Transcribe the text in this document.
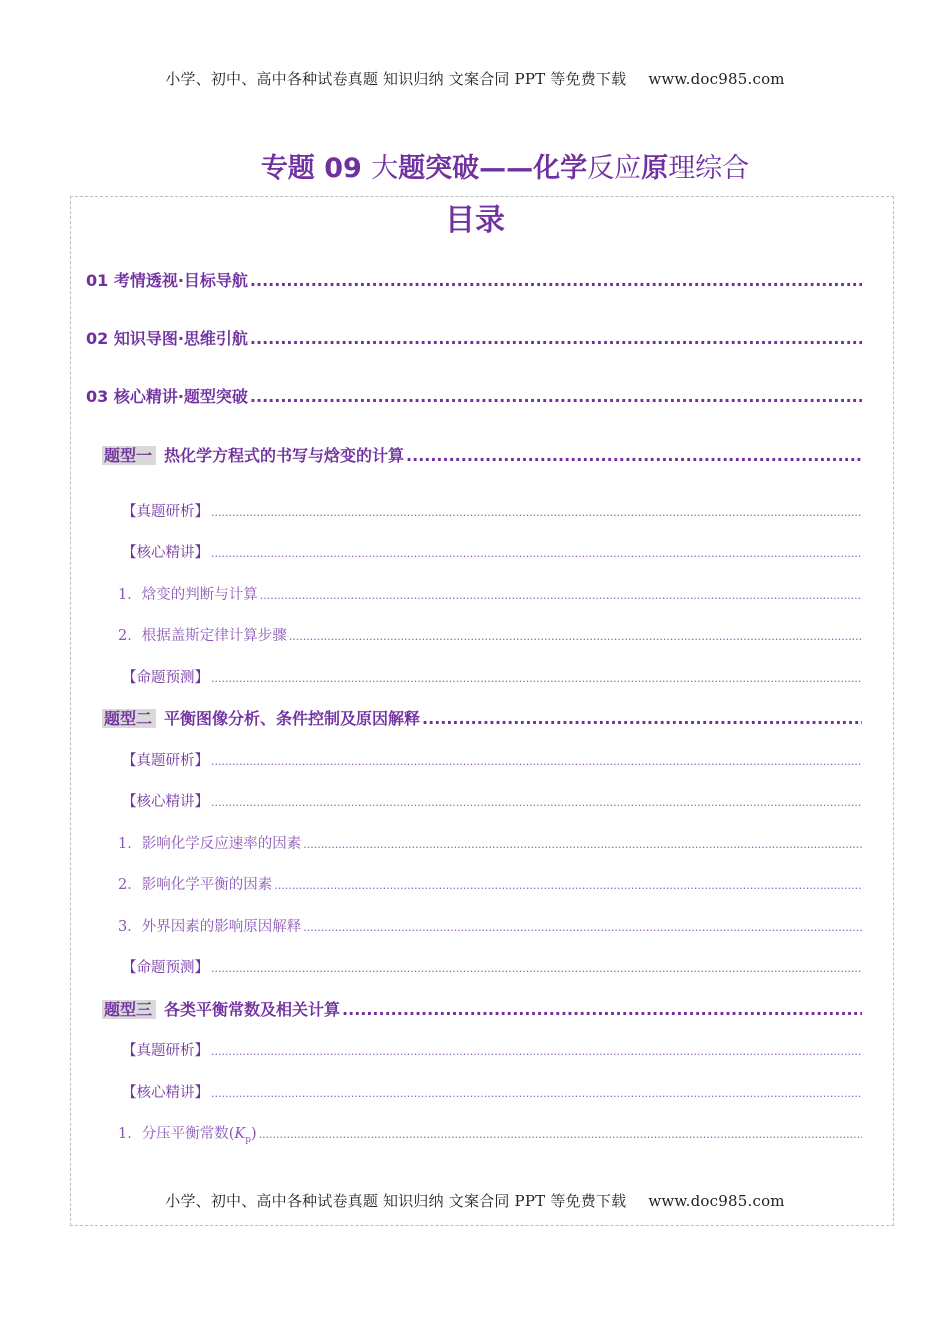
小学、初中、高中各种试卷真题 知识归纳 文案合同 PPT 等免费下载 www.doc985.com
专题 09 大题突破——化学反应原理综合
目录
01 考情透视·目标导航
.....
02 知识导图·思维引航
.....
03 核心精讲·题型突破
.....
题型一 热化学方程式的书写与焓变的计算
.....
【真题研析】
.....
【核心精讲】
.....
1．焓变的判断与计算
.....
2．根据盖斯定律计算步骤
.....
【命题预测】
.....
题型二 平衡图像分析、条件控制及原因解释
.....
【真题研析】
.....
【核心精讲】
.....
1．影响化学反应速率的因素
.....
2．影响化学平衡的因素
.....
3．外界因素的影响原因解释
.....
【命题预测】
.....
题型三 各类平衡常数及相关计算
.....
【真题研析】
.....
【核心精讲】
.....
1．分压平衡常数$(K_p)$
.....
小学、初中、高中各种试卷真题 知识归纳 文案合同 PPT 等免费下载 www.doc985.com
